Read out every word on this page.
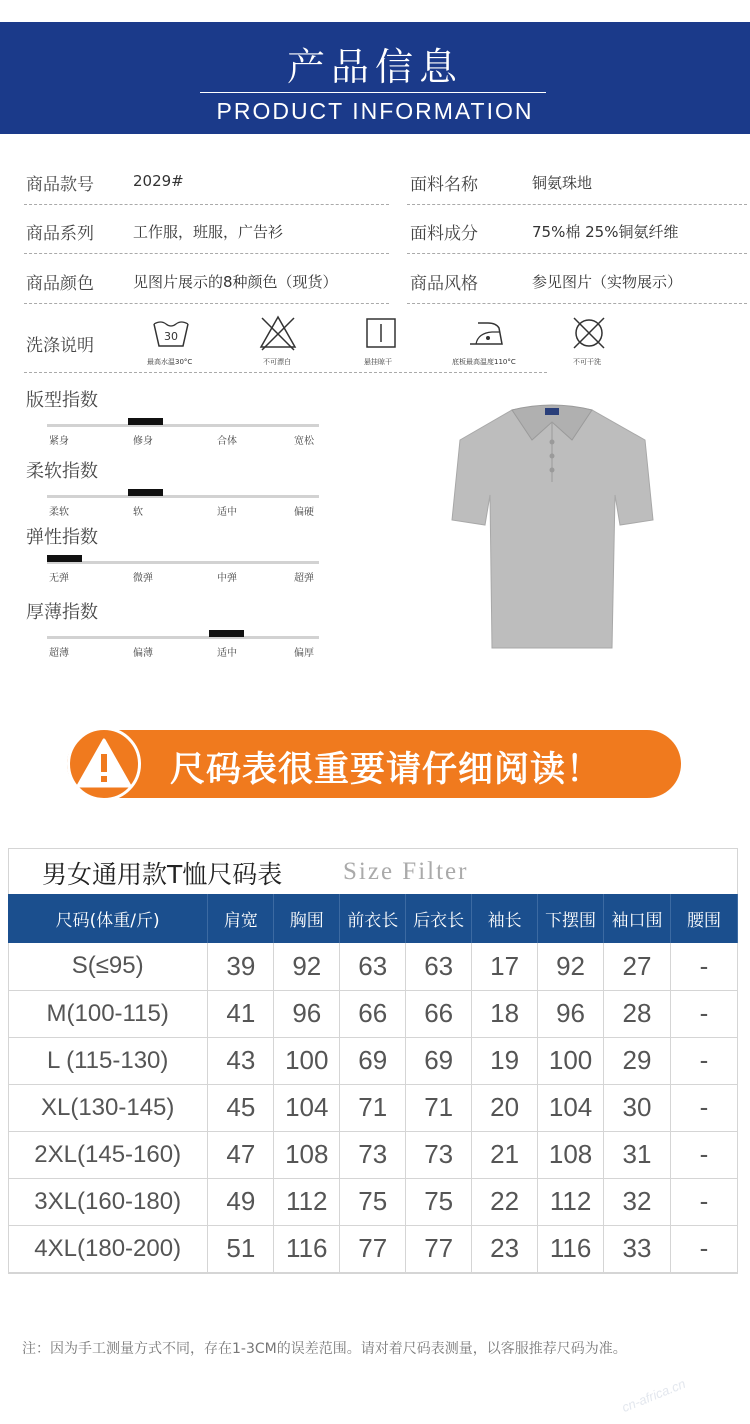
产品信息
PRODUCT INFORMATION
商品款号	2029#	面料名称	铜氨珠地
商品系列	工作服，班服，广告衫	面料成分	75%棉 25%铜氨纤维
商品颜色	见图片展示的8种颜色（现货）	商品风格	参见图片（实物展示）
洗涤说明	30
最高水温30°C	不可漂白	悬挂晾干	底板最高温度110°C	不可干洗
版型指数
紧身	修身	合体	宽松
柔软指数
柔软	软	适中	偏硬
弹性指数
无弹	微弹	中弹	超弹
厚薄指数
超薄	偏薄	适中	偏厚
尺码表很重要请仔细阅读！
男女通用款T恤尺码表 Size Filter
尺码(体重/斤)	肩宽	胸围	前衣长	后衣长	袖长	下摆围	袖口围	腰围
S(≤95)	39	92	63	63	17	92	27	-
M(100-115)	41	96	66	66	18	96	28	-
L (115-130)	43	100	69	69	19	100	29	-
XL(130-145)	45	104	71	71	20	104	30	-
2XL(145-160)	47	108	73	73	21	108	31	-
3XL(160-180)	49	112	75	75	22	112	32	-
4XL(180-200)	51	116	77	77	23	116	33	-
注：因为手工测量方式不同，存在1-3CM的误差范围。请对着尺码表测量，以客服推荐尺码为准。
cn-africa.cn
